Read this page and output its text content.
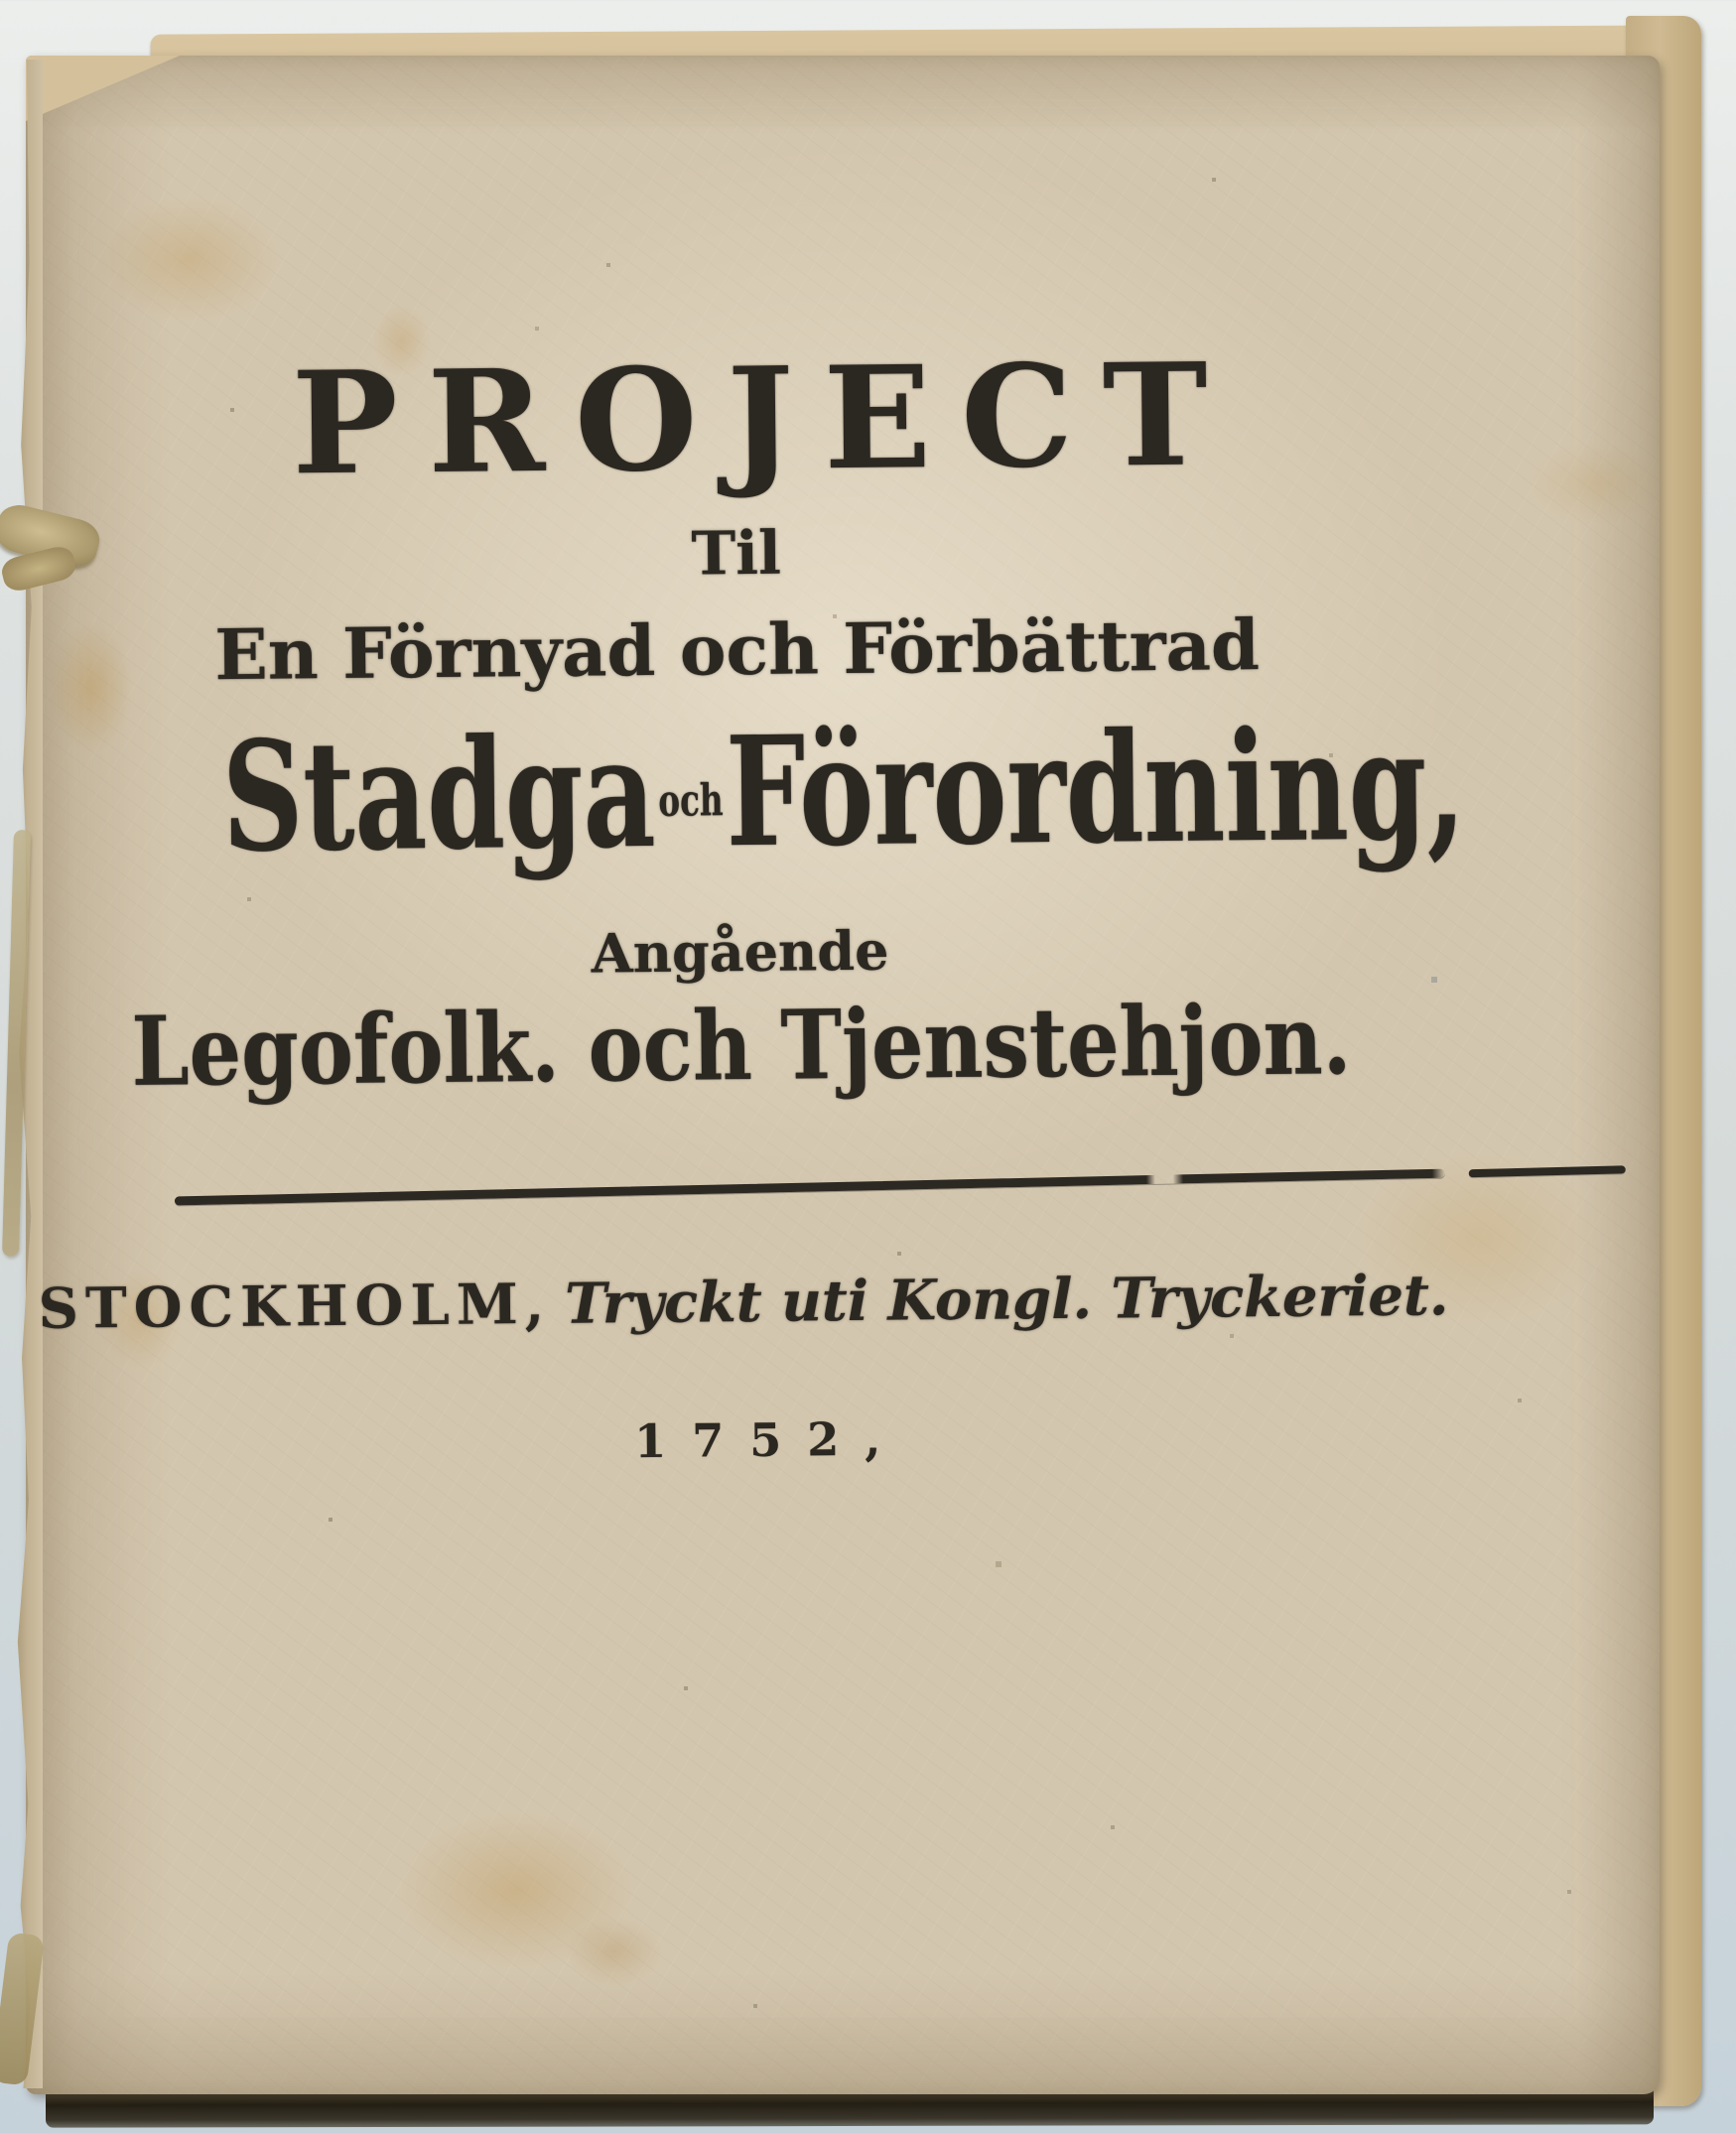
PROJECT
Til
En Förnyad och Förbättrad
StadgaochFörordning,
Angående
Legofolk. och Tjenstehjon.
STOCKHOLM, Tryckt uti Kongl. Tryckeriet.
1752,
